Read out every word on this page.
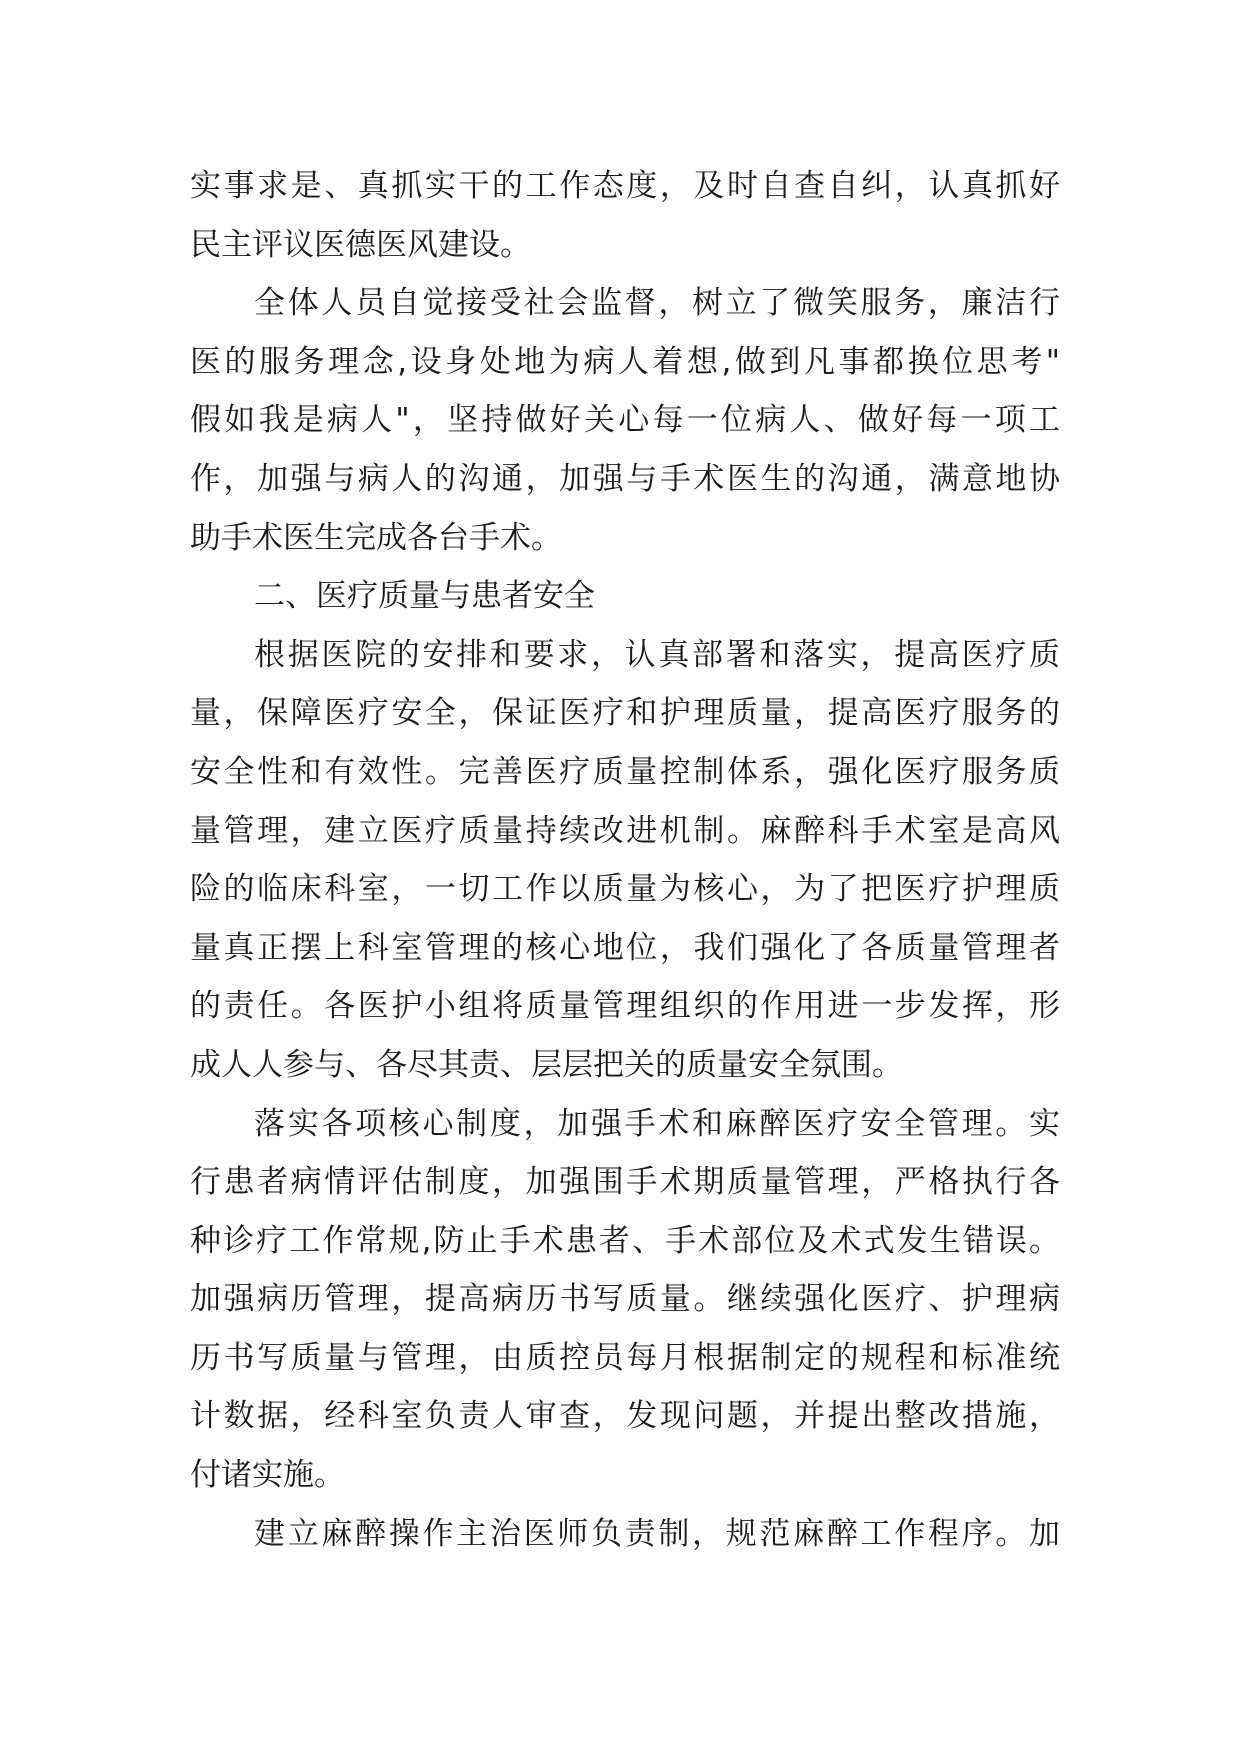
实事求是、真抓实干的工作态度，及时自查自纠，认真抓好
民主评议医德医风建设。
全体人员自觉接受社会监督，树立了微笑服务，廉洁行
医的服务理念,设身处地为病人着想,做到凡事都换位思考"
假如我是病人"，坚持做好关心每一位病人、做好每一项工
作，加强与病人的沟通，加强与手术医生的沟通，满意地协
助手术医生完成各台手术。
二、医疗质量与患者安全
根据医院的安排和要求，认真部署和落实，提高医疗质
量，保障医疗安全，保证医疗和护理质量，提高医疗服务的
安全性和有效性。完善医疗质量控制体系，强化医疗服务质
量管理，建立医疗质量持续改进机制。麻醉科手术室是高风
险的临床科室，一切工作以质量为核心，为了把医疗护理质
量真正摆上科室管理的核心地位，我们强化了各质量管理者
的责任。各医护小组将质量管理组织的作用进一步发挥，形
成人人参与、各尽其责、层层把关的质量安全氛围。
落实各项核心制度，加强手术和麻醉医疗安全管理。实
行患者病情评估制度，加强围手术期质量管理，严格执行各
种诊疗工作常规,防止手术患者、手术部位及术式发生错误。
加强病历管理，提高病历书写质量。继续强化医疗、护理病
历书写质量与管理，由质控员每月根据制定的规程和标准统
计数据，经科室负责人审查，发现问题，并提出整改措施，
付诸实施。
建立麻醉操作主治医师负责制，规范麻醉工作程序。加
